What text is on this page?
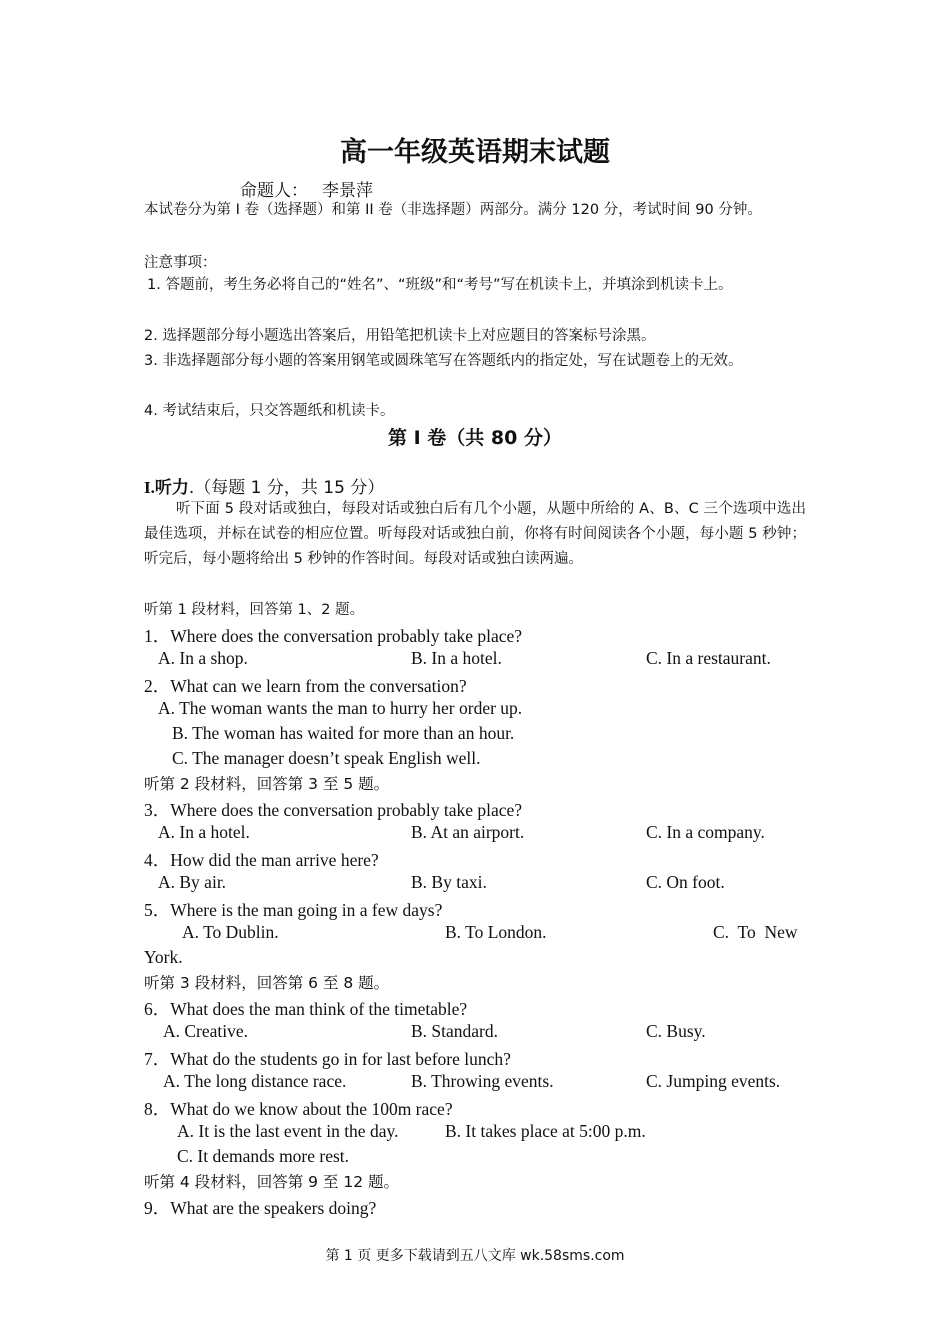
高一年级英语期末试题
命题人： 李景萍
本试卷分为第 I 卷（选择题）和第 II 卷（非选择题）两部分。满分 120 分，考试时间 90 分钟。
注意事项：
1. 答题前，考生务必将自己的“姓名”、“班级”和“考号”写在机读卡上，并填涂到机读卡上。
2. 选择题部分每小题选出答案后，用铅笔把机读卡上对应题目的答案标号涂黑。
3. 非选择题部分每小题的答案用钢笔或圆珠笔写在答题纸内的指定处，写在试题卷上的无效。
4. 考试结束后，只交答题纸和机读卡。
第 I 卷（共 80 分）
I.听力.（每题 1 分，共 15 分）
听下面 5 段对话或独白，每段对话或独白后有几个小题，从题中所给的 A、B、C 三个选项中选出最佳选项，并标在试卷的相应位置。听每段对话或独白前，你将有时间阅读各个小题，每小题 5 秒钟；听完后，每小题将给出 5 秒钟的作答时间。每段对话或独白读两遍。
听第 1 段材料，回答第 1、2 题。
1．Where does the conversation probably take place?
A. In a shop.	B. In a hotel.	C. In a restaurant.
2．What can we learn from the conversation?
A. The woman wants the man to hurry her order up.
B. The woman has waited for more than an hour.
C. The manager doesn’t speak English well.
听第 2 段材料，回答第 3 至 5 题。
3．Where does the conversation probably take place?
A. In a hotel.	B. At an airport.	C. In a company.
4．How did the man arrive here?
A. By air.	B. By taxi.	C. On foot.
5．Where is the man going in a few days?
A. To Dublin.	B. To London.	C.  To  New
York.
听第 3 段材料，回答第 6 至 8 题。
6．What does the man think of the timetable?
A. Creative.	B. Standard.	C. Busy.
7．What do the students go in for last before lunch?
A. The long distance race.	B. Throwing events.	C. Jumping events.
8．What do we know about the 100m race?
A. It is the last event in the day.	B. It takes place at 5:00 p.m.
C. It demands more rest.
听第 4 段材料，回答第 9 至 12 题。
9．What are the speakers doing?
第 1 页 更多下载请到五八文库 wk.58sms.com
